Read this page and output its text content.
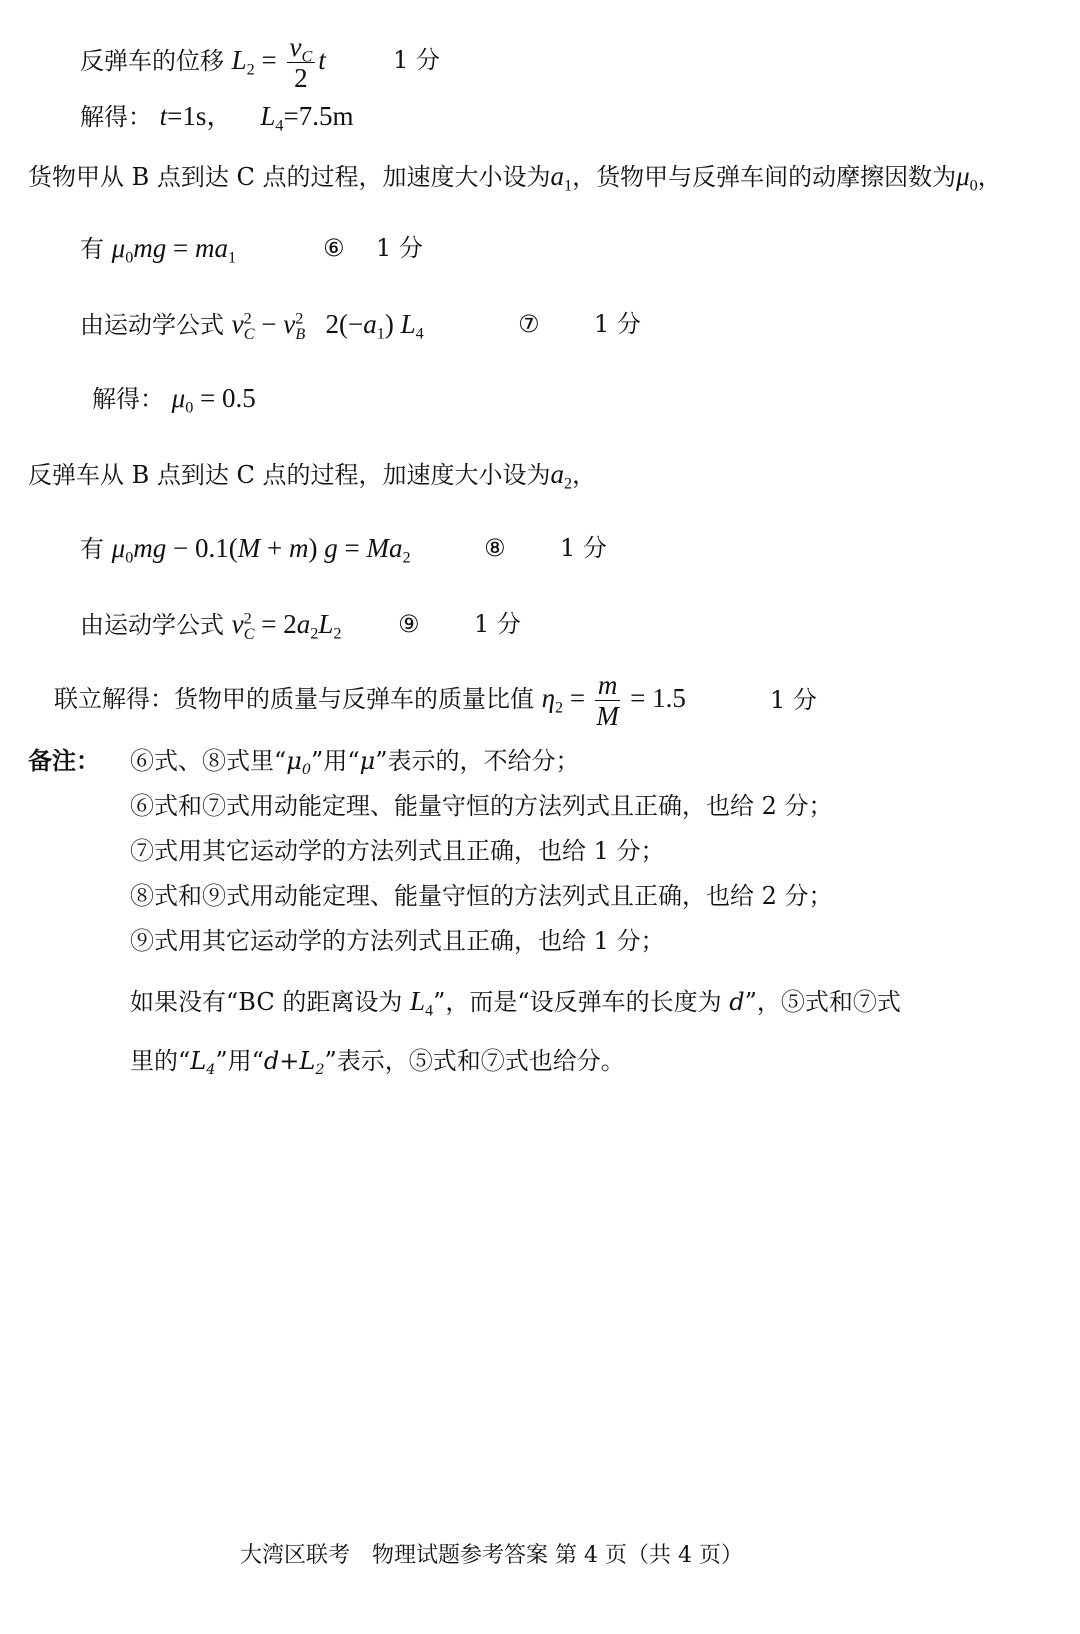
反弹车的位移 $L_2 = \frac{v_C}{2}$ t	1 分
解得： t=1s， $L_4=7.5m$
货物甲从 B 点到达 C 点的过程，加速度大小设为$a_1$，货物甲与反弹车间的动摩擦因数为$\mu_0$，
有 $\mu_0mg = ma_1$	⑥ 1 分
由运动学公式 $v^2_C - v^2_B$ $2(-a_1)$ $L_4$	⑦ 1 分
解得： $\mu_0 = 0.5$
反弹车从 B 点到达 C 点的过程，加速度大小设为$a_2$，
有 $\mu_0mg - 0.1(M + m) g = Ma_2$	⑧ 1 分
由运动学公式 $v^2_C = 2a_2L_2$ ⑨ 1 分
联立解得：货物甲的质量与反弹车的质量比值 $\eta_2 = \frac{m}{M} = 1.5$	1 分
备注： ⑥式、⑧式里“$\mu_0$”用“μ”表示的，不给分；
⑥式和⑦式用动能定理、能量守恒的方法列式且正确，也给 2 分；
⑦式用其它运动学的方法列式且正确，也给 1 分；
⑧式和⑨式用动能定理、能量守恒的方法列式且正确，也给 2 分；
⑨式用其它运动学的方法列式且正确，也给 1 分；
如果没有“BC 的距离设为 $L_4$”，而是“设反弹车的长度为 d”，⑤式和⑦式
里的“$L_4$”用“$d+L_2$”表示，⑤式和⑦式也给分。
大湾区联考　物理试题参考答案 第 4 页（共 4 页）
